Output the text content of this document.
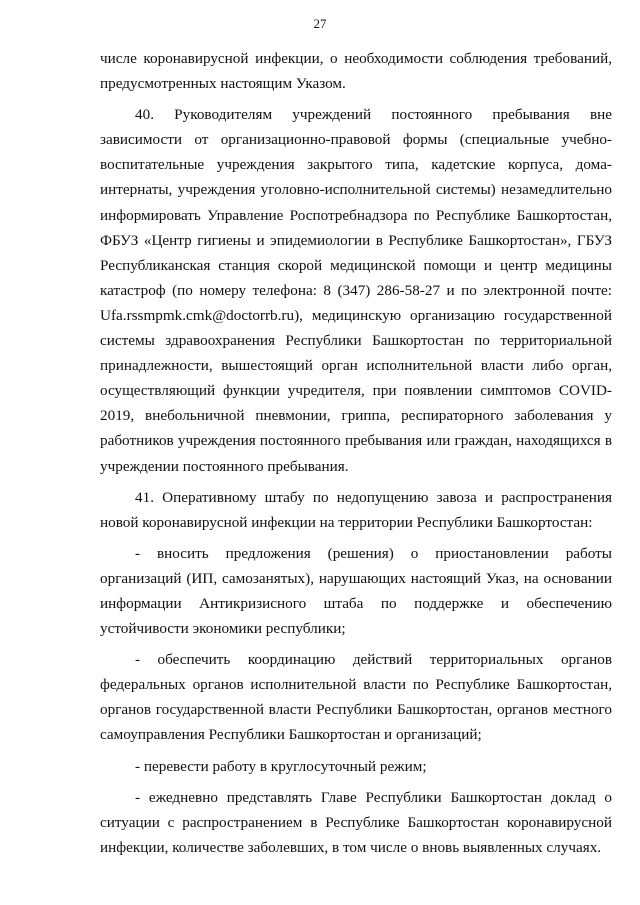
27

числе коронавирусной инфекции, о необходимости соблюдения требований, предусмотренных настоящим Указом.

40. Руководителям учреждений постоянного пребывания вне зависимости от организационно-правовой формы (специальные учебно-воспитательные учреждения закрытого типа, кадетские корпуса, дома-интернаты, учреждения уголовно-исполнительной системы) незамедлительно информировать Управление Роспотребнадзора по Республике Башкортостан, ФБУЗ «Центр гигиены и эпидемиологии в Республике Башкортостан», ГБУЗ Республиканская станция скорой медицинской помощи и центр медицины катастроф (по номеру телефона: 8 (347) 286-58-27 и по электронной почте: Ufa.rssmpmk.cmk@doctorrb.ru), медицинскую организацию государственной системы здравоохранения Республики Башкортостан по территориальной принадлежности, вышестоящий орган исполнительной власти либо орган, осуществляющий функции учредителя, при появлении симптомов COVID-2019, внебольничной пневмонии, гриппа, респираторного заболевания у работников учреждения постоянного пребывания или граждан, находящихся в учреждении постоянного пребывания.

41. Оперативному штабу по недопущению завоза и распространения новой коронавирусной инфекции на территории Республики Башкортостан:

- вносить предложения (решения) о приостановлении работы организаций (ИП, самозанятых), нарушающих настоящий Указ, на основании информации Антикризисного штаба по поддержке и обеспечению устойчивости экономики республики;

- обеспечить координацию действий территориальных органов федеральных органов исполнительной власти по Республике Башкортостан, органов государственной власти Республики Башкортостан, органов местного самоуправления Республики Башкортостан и организаций;

- перевести работу в круглосуточный режим;

- ежедневно представлять Главе Республики Башкортостан доклад о ситуации с распространением в Республике Башкортостан коронавирусной инфекции, количестве заболевших, в том числе о вновь выявленных случаях.
